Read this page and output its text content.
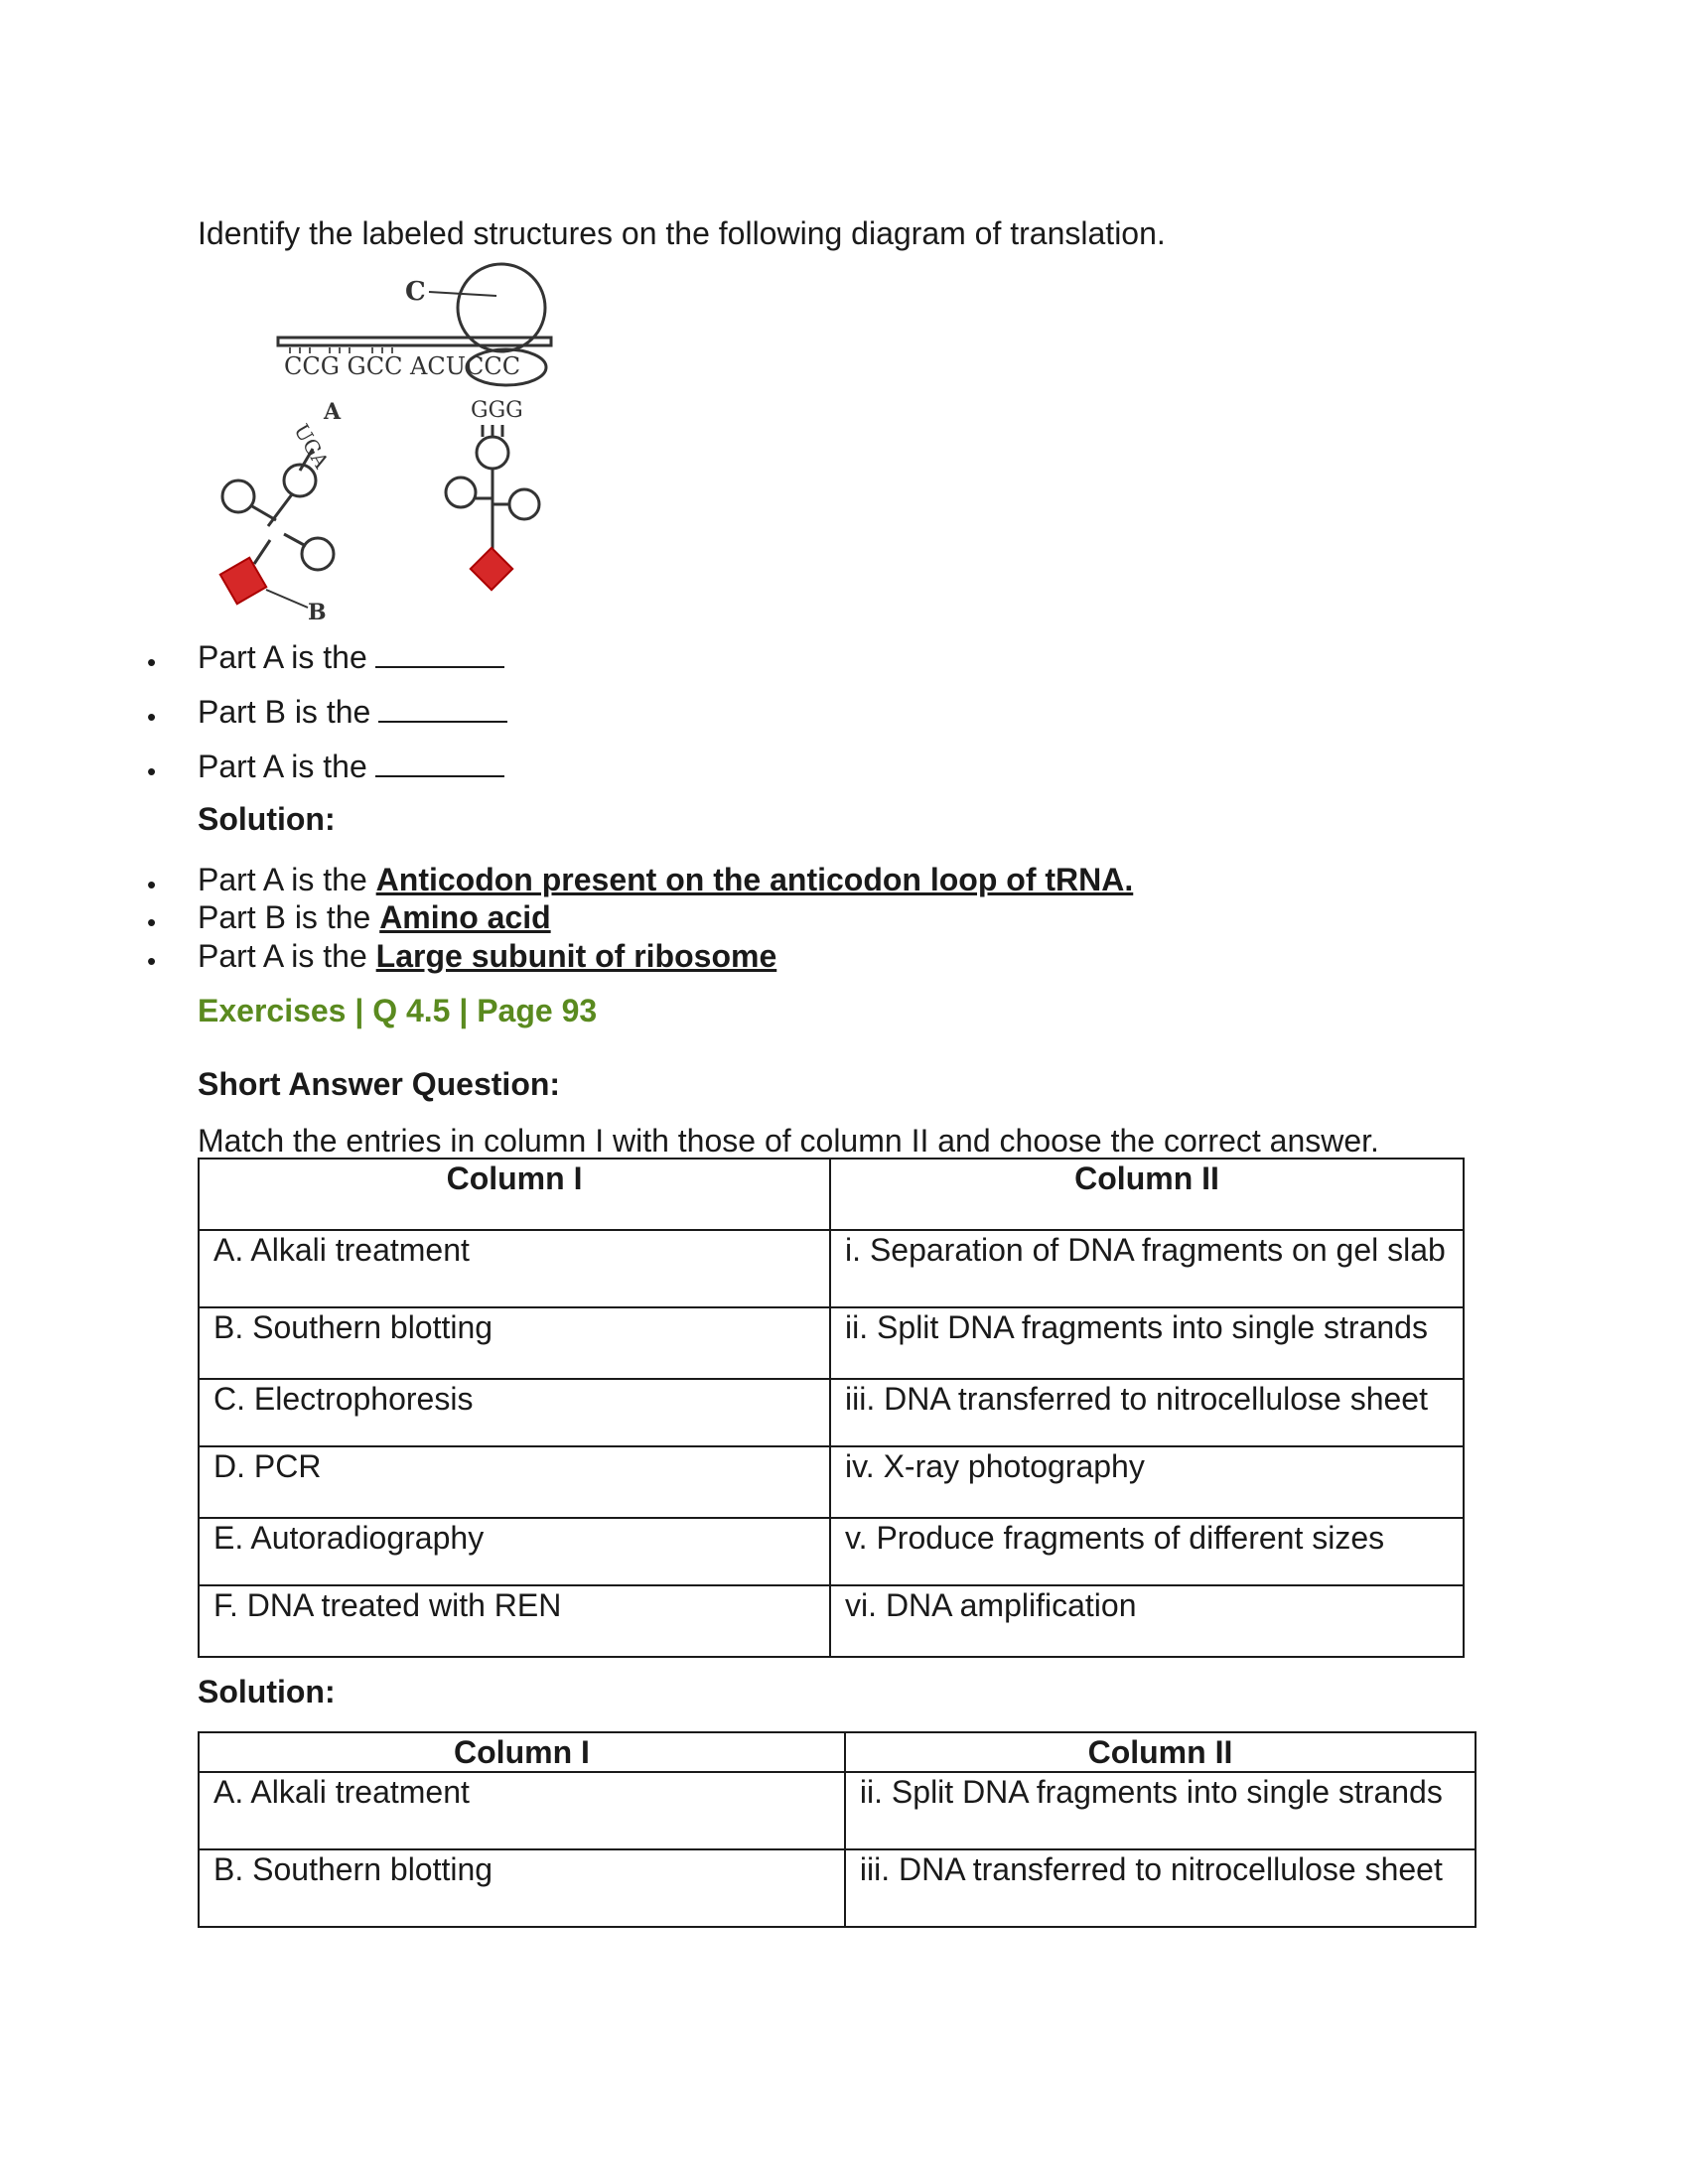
Identify the labeled structures on the following diagram of translation.
CCG GCC ACUCCC
C
A
UGA
B
GGG
• Part A is the
• Part B is the
• Part A is the
Solution:
• Part A is the Anticodon present on the anticodon loop of tRNA.
• Part B is the Amino acid
• Part A is the Large subunit of ribosome
Exercises | Q 4.5 | Page 93
Short Answer Question:
Match the entries in column I with those of column II and choose the correct answer.
Column I	Column II
A. Alkali treatment	i. Separation of DNA fragments on gel slab
B. Southern blotting	ii. Split DNA fragments into single strands
C. Electrophoresis	iii. DNA transferred to nitrocellulose sheet
D. PCR	iv. X-ray photography
E. Autoradiography	v. Produce fragments of different sizes
F. DNA treated with REN	vi. DNA amplification
Solution:
Column I	Column II
A. Alkali treatment	ii. Split DNA fragments into single strands
B. Southern blotting	iii. DNA transferred to nitrocellulose sheet
